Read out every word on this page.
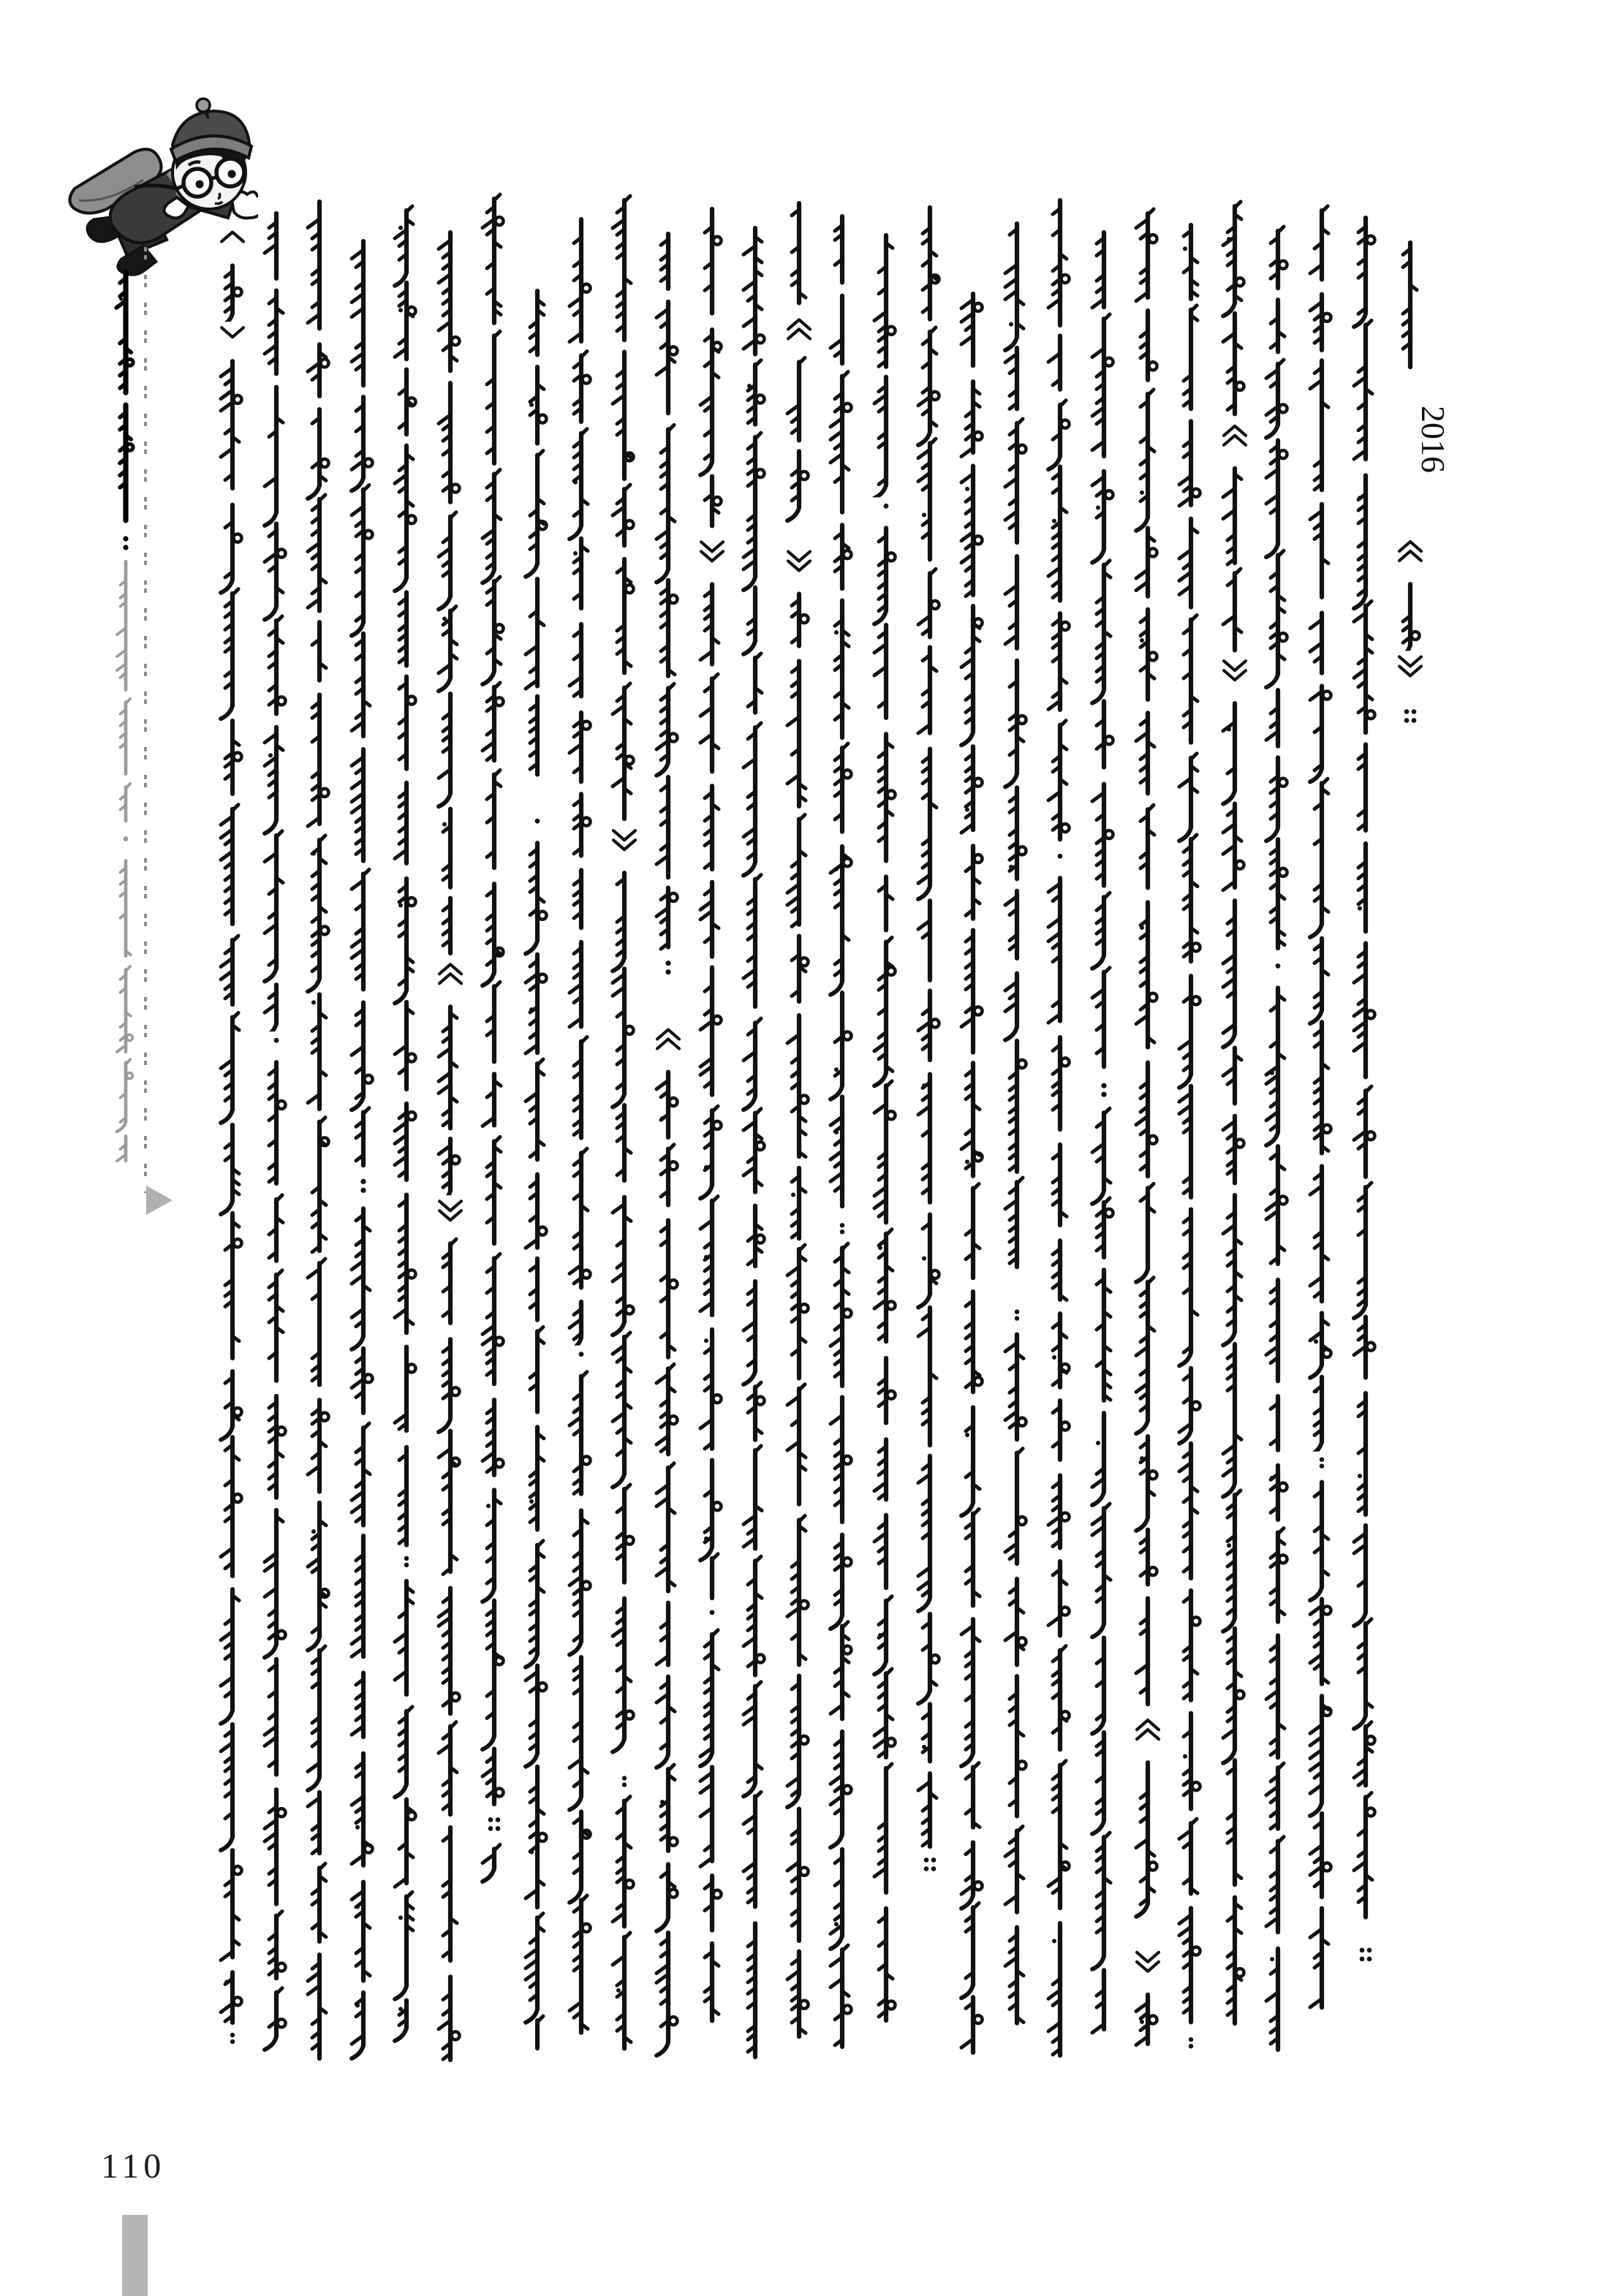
2016
110
